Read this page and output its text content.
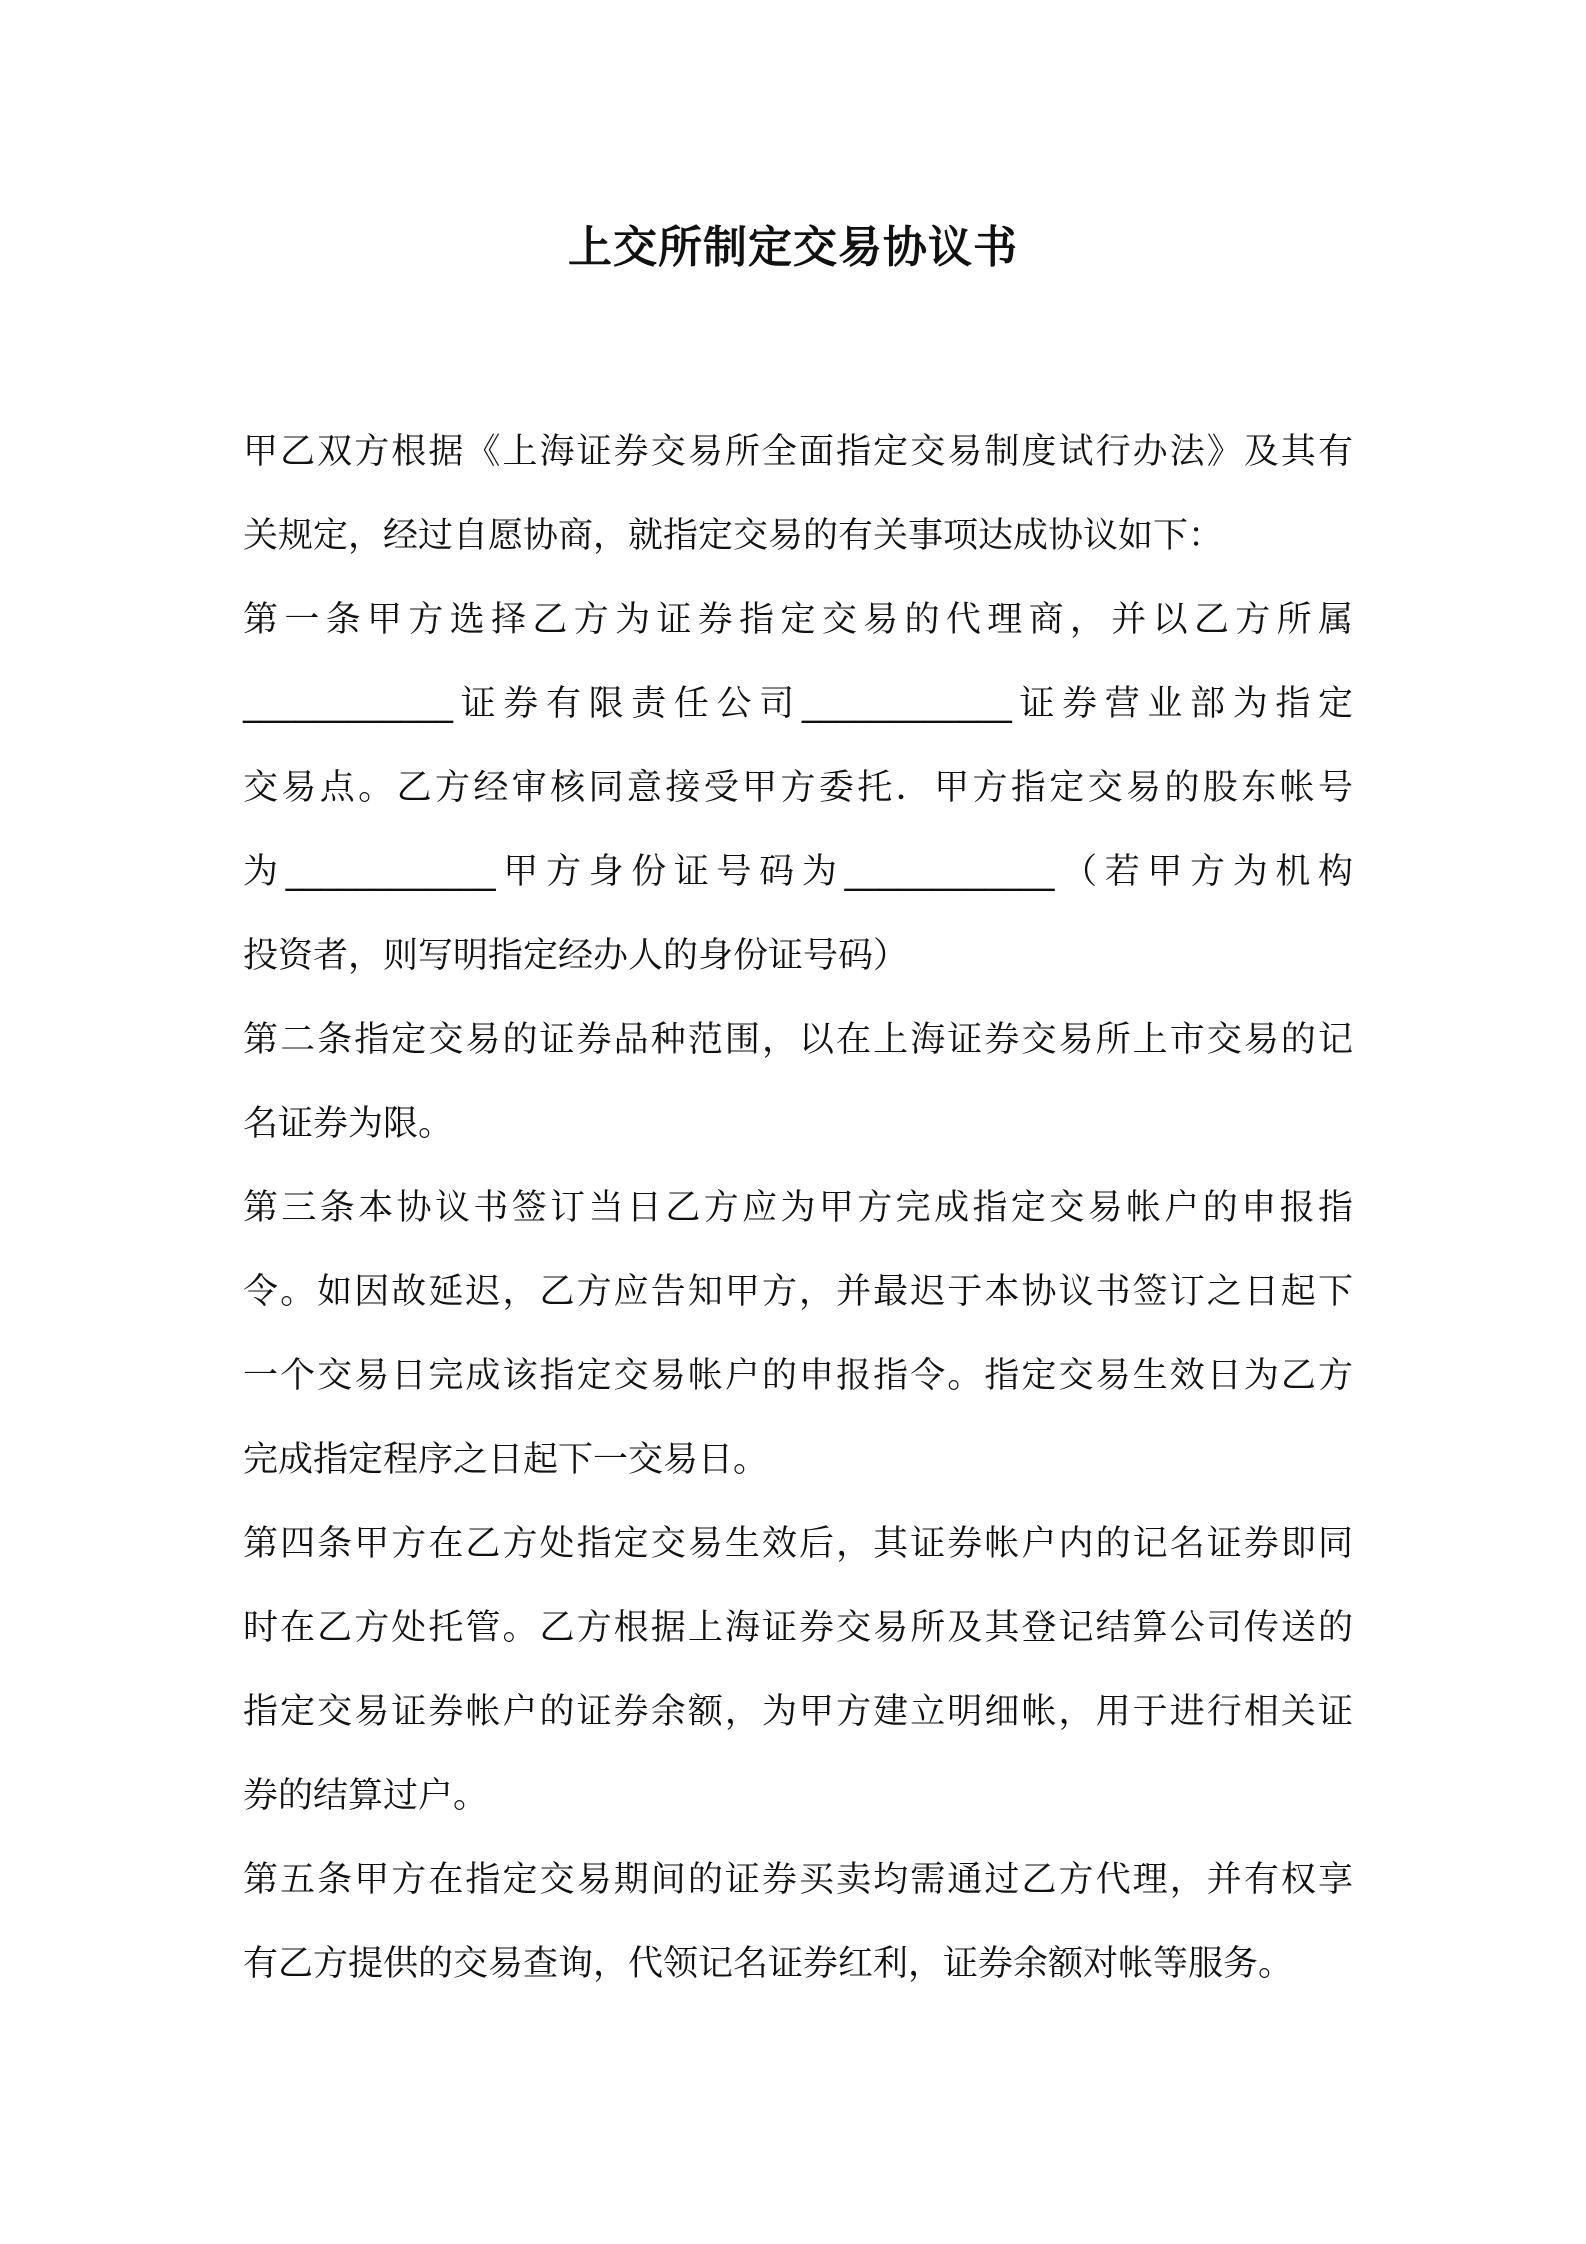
上交所制定交易协议书
甲乙双方根据《上海证券交易所全面指定交易制度试行办法》及其有
关规定，经过自愿协商，就指定交易的有关事项达成协议如下：
第一条甲方选择乙方为证券指定交易的代理商，并以乙方所属
____________证券有限责任公司____________证券营业部为指定
交易点。乙方经审核同意接受甲方委托．甲方指定交易的股东帐号
为____________甲方身份证号码为____________（若甲方为机构
投资者，则写明指定经办人的身份证号码）
第二条指定交易的证券品种范围，以在上海证券交易所上市交易的记
名证券为限。
第三条本协议书签订当日乙方应为甲方完成指定交易帐户的申报指
令。如因故延迟，乙方应告知甲方，并最迟于本协议书签订之日起下
一个交易日完成该指定交易帐户的申报指令。指定交易生效日为乙方
完成指定程序之日起下一交易日。
第四条甲方在乙方处指定交易生效后，其证券帐户内的记名证券即同
时在乙方处托管。乙方根据上海证券交易所及其登记结算公司传送的
指定交易证券帐户的证券余额，为甲方建立明细帐，用于进行相关证
券的结算过户。
第五条甲方在指定交易期间的证券买卖均需通过乙方代理，并有权享
有乙方提供的交易查询，代领记名证券红利，证券余额对帐等服务。
